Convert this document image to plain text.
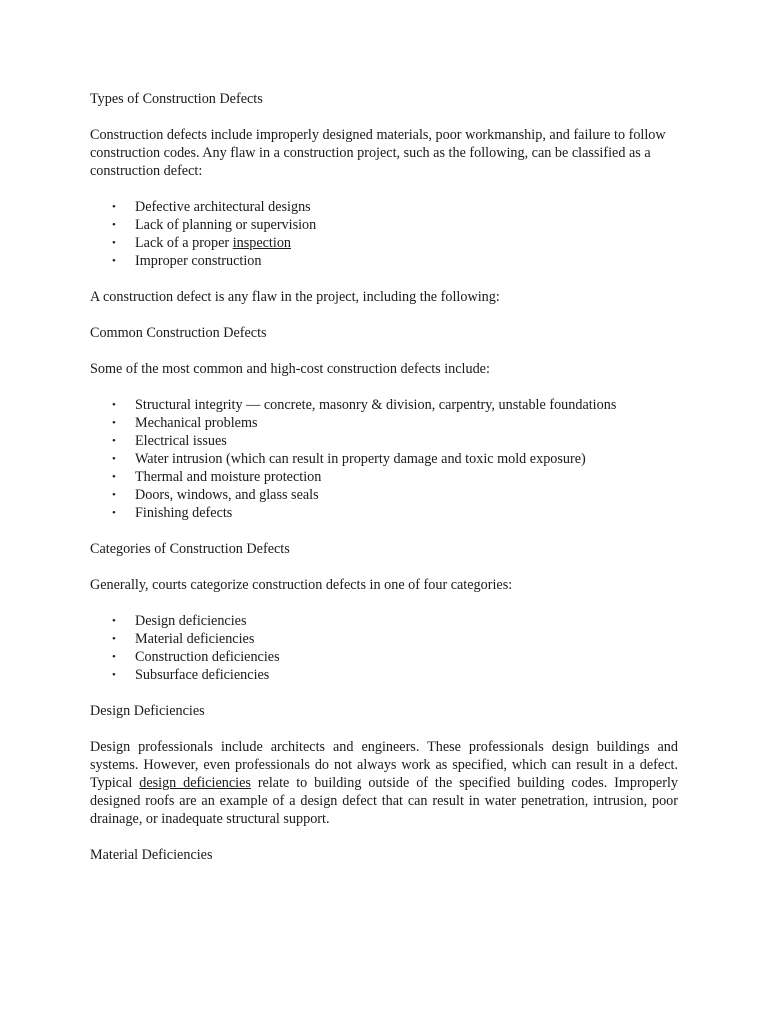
Types of Construction Defects

Construction defects include improperly designed materials, poor workmanship, and failure to follow construction codes. Any flaw in a construction project, such as the following, can be classified as a construction defect:

• Defective architectural designs
• Lack of planning or supervision
• Lack of a proper inspection
• Improper construction

A construction defect is any flaw in the project, including the following:

Common Construction Defects

Some of the most common and high-cost construction defects include:

• Structural integrity — concrete, masonry & division, carpentry, unstable foundations
• Mechanical problems
• Electrical issues
• Water intrusion (which can result in property damage and toxic mold exposure)
• Thermal and moisture protection
• Doors, windows, and glass seals
• Finishing defects

Categories of Construction Defects

Generally, courts categorize construction defects in one of four categories:

• Design deficiencies
• Material deficiencies
• Construction deficiencies
• Subsurface deficiencies

Design Deficiencies

Design professionals include architects and engineers. These professionals design buildings and systems. However, even professionals do not always work as specified, which can result in a defect. Typical design deficiencies relate to building outside of the specified building codes. Improperly designed roofs are an example of a design defect that can result in water penetration, intrusion, poor drainage, or inadequate structural support.

Material Deficiencies
